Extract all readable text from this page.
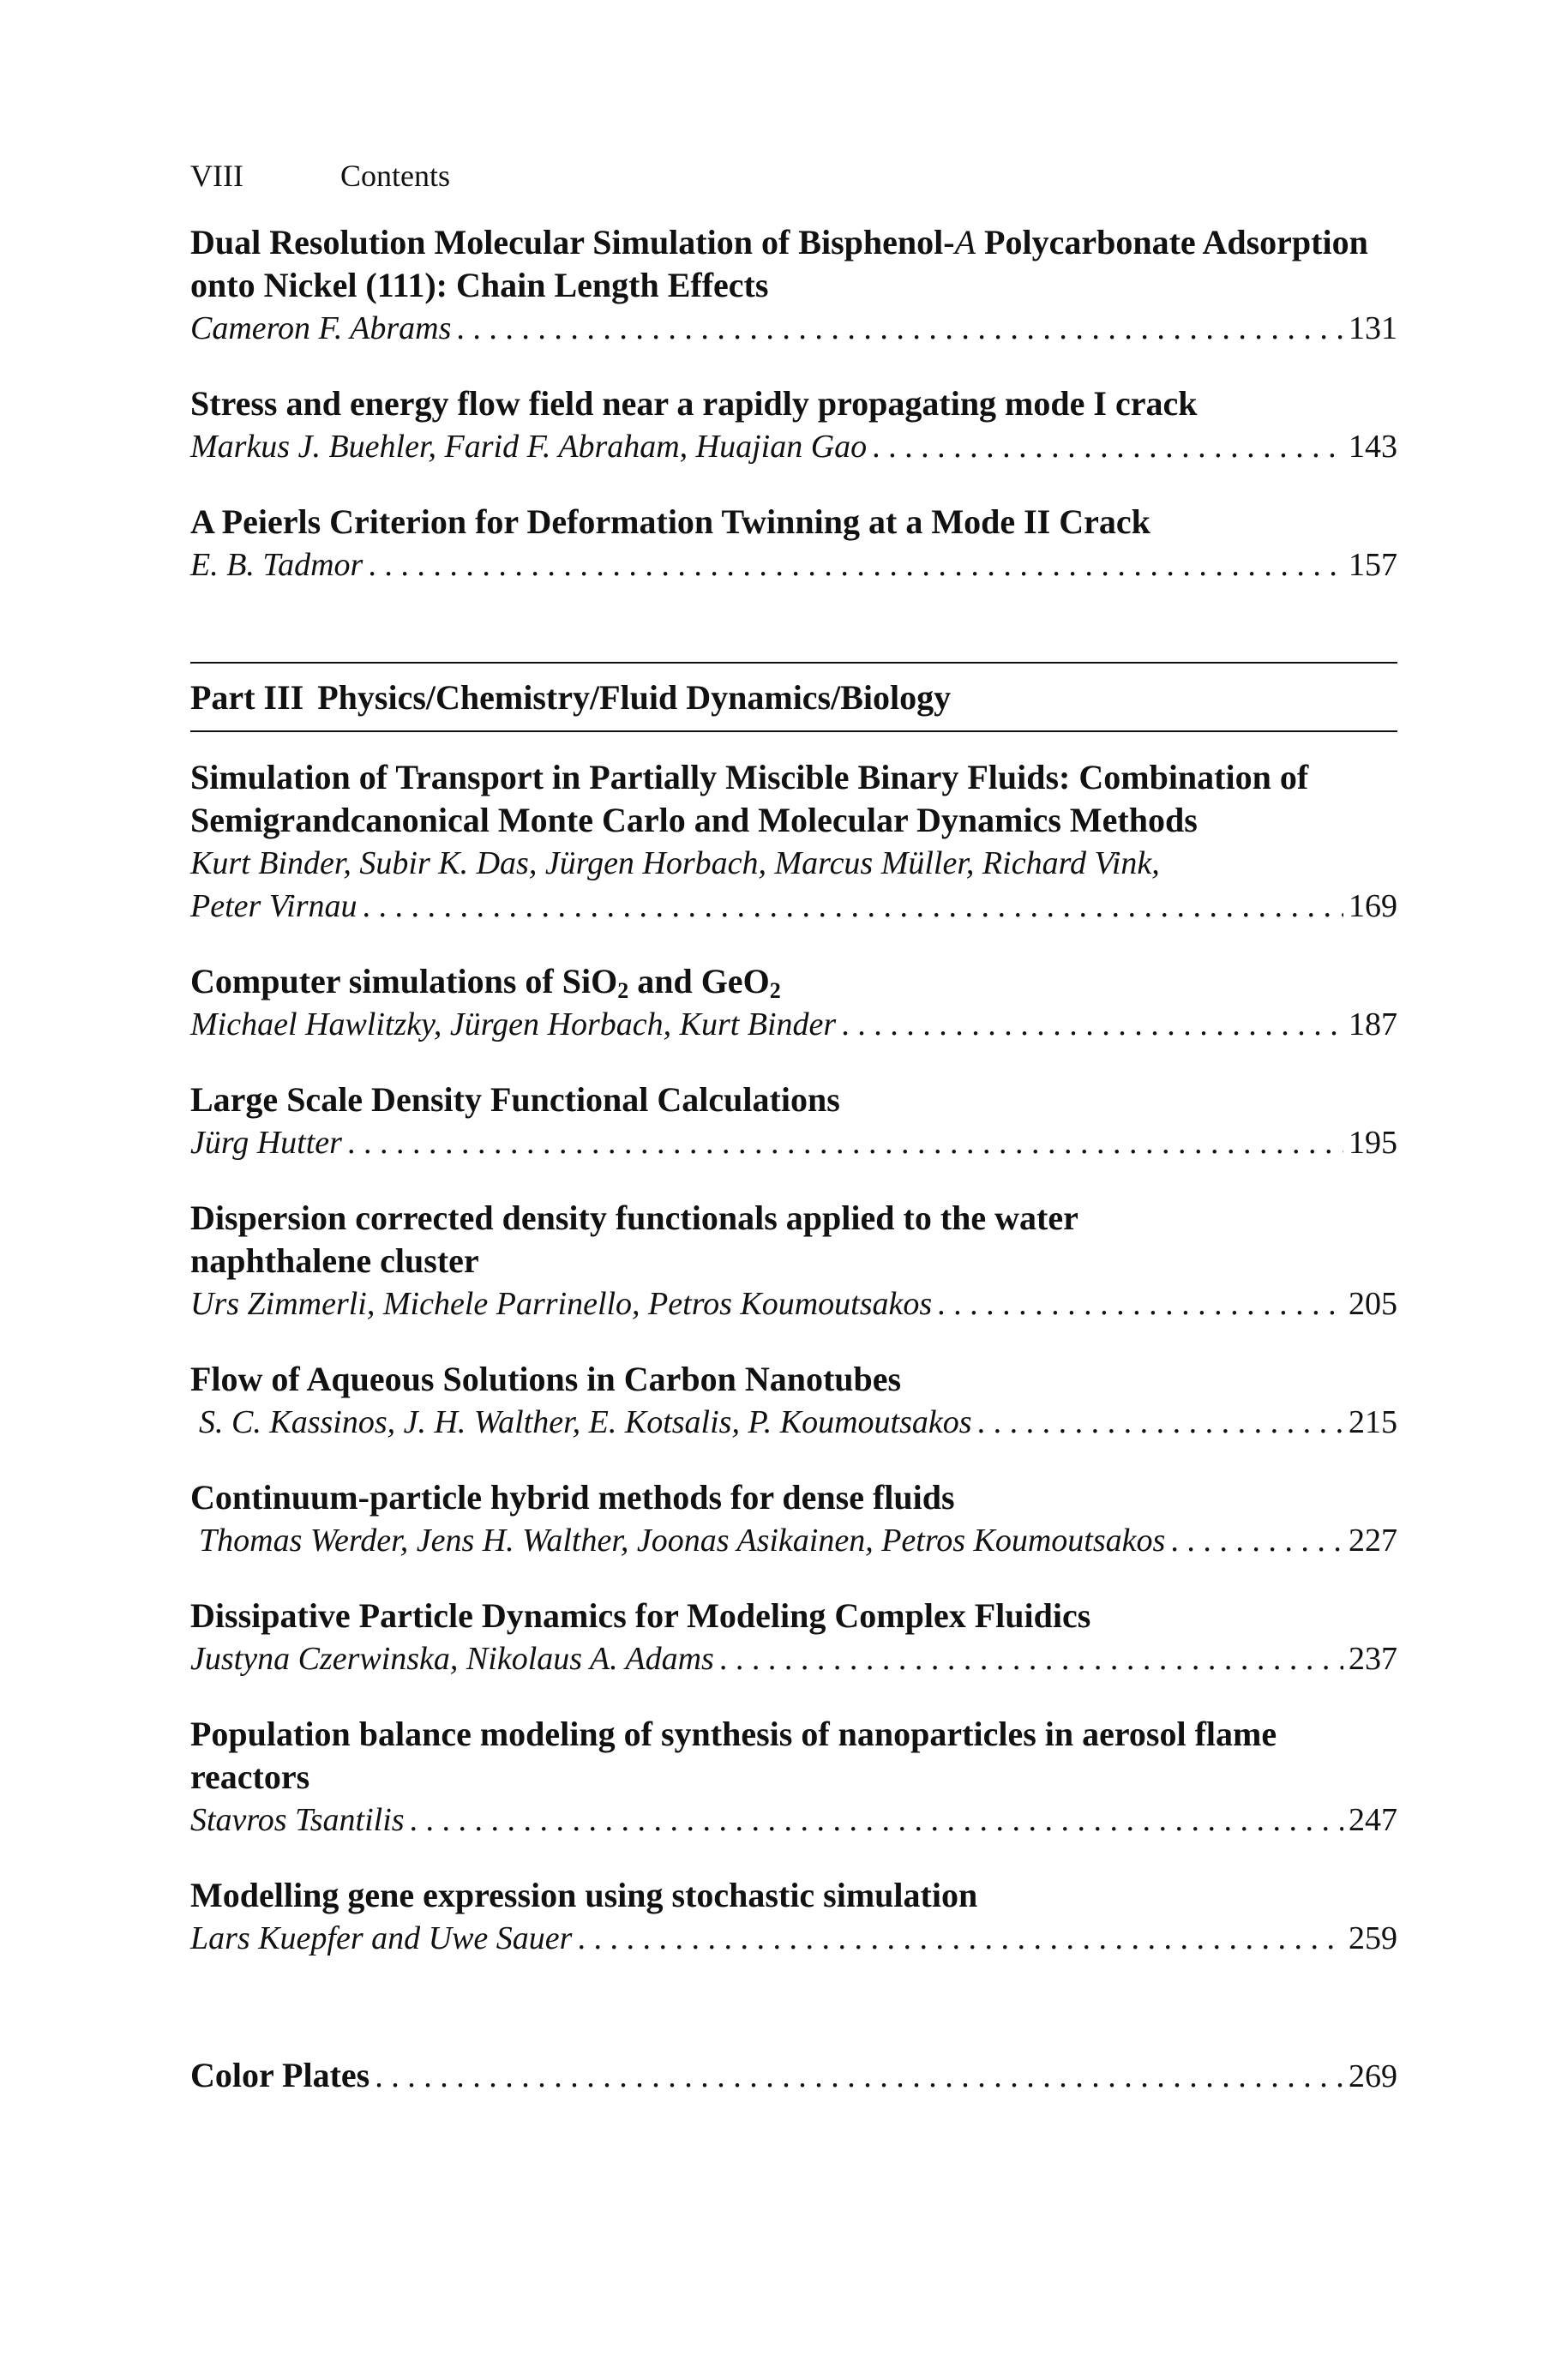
VIII	Contents
Dual Resolution Molecular Simulation of Bisphenol-A Polycarbonate Adsorption onto Nickel (111): Chain Length Effects
Cameron F. Abrams . . .	131
Stress and energy flow field near a rapidly propagating mode I crack
Markus J. Buehler, Farid F. Abraham, Huajian Gao . . .	143
A Peierls Criterion for Deformation Twinning at a Mode II Crack
E. B. Tadmor . . .	157
Part III Physics/Chemistry/Fluid Dynamics/Biology
Simulation of Transport in Partially Miscible Binary Fluids: Combination of Semigrandcanonical Monte Carlo and Molecular Dynamics Methods
Kurt Binder, Subir K. Das, Jürgen Horbach, Marcus Müller, Richard Vink,
Peter Virnau . . .	169
Computer simulations of SiO$_2$ and GeO$_2$
Michael Hawlitzky, Jürgen Horbach, Kurt Binder . . .	187
Large Scale Density Functional Calculations
Jürg Hutter . . .	195
Dispersion corrected density functionals applied to the water naphthalene cluster
Urs Zimmerli, Michele Parrinello, Petros Koumoutsakos . . .	205
Flow of Aqueous Solutions in Carbon Nanotubes
S. C. Kassinos, J. H. Walther, E. Kotsalis, P. Koumoutsakos . . .	215
Continuum-particle hybrid methods for dense fluids
Thomas Werder, Jens H. Walther, Joonas Asikainen, Petros Koumoutsakos . . .	227
Dissipative Particle Dynamics for Modeling Complex Fluidics
Justyna Czerwinska, Nikolaus A. Adams . . .	237
Population balance modeling of synthesis of nanoparticles in aerosol flame reactors
Stavros Tsantilis . . .	247
Modelling gene expression using stochastic simulation
Lars Kuepfer and Uwe Sauer . . .	259
Color Plates . . .	269
